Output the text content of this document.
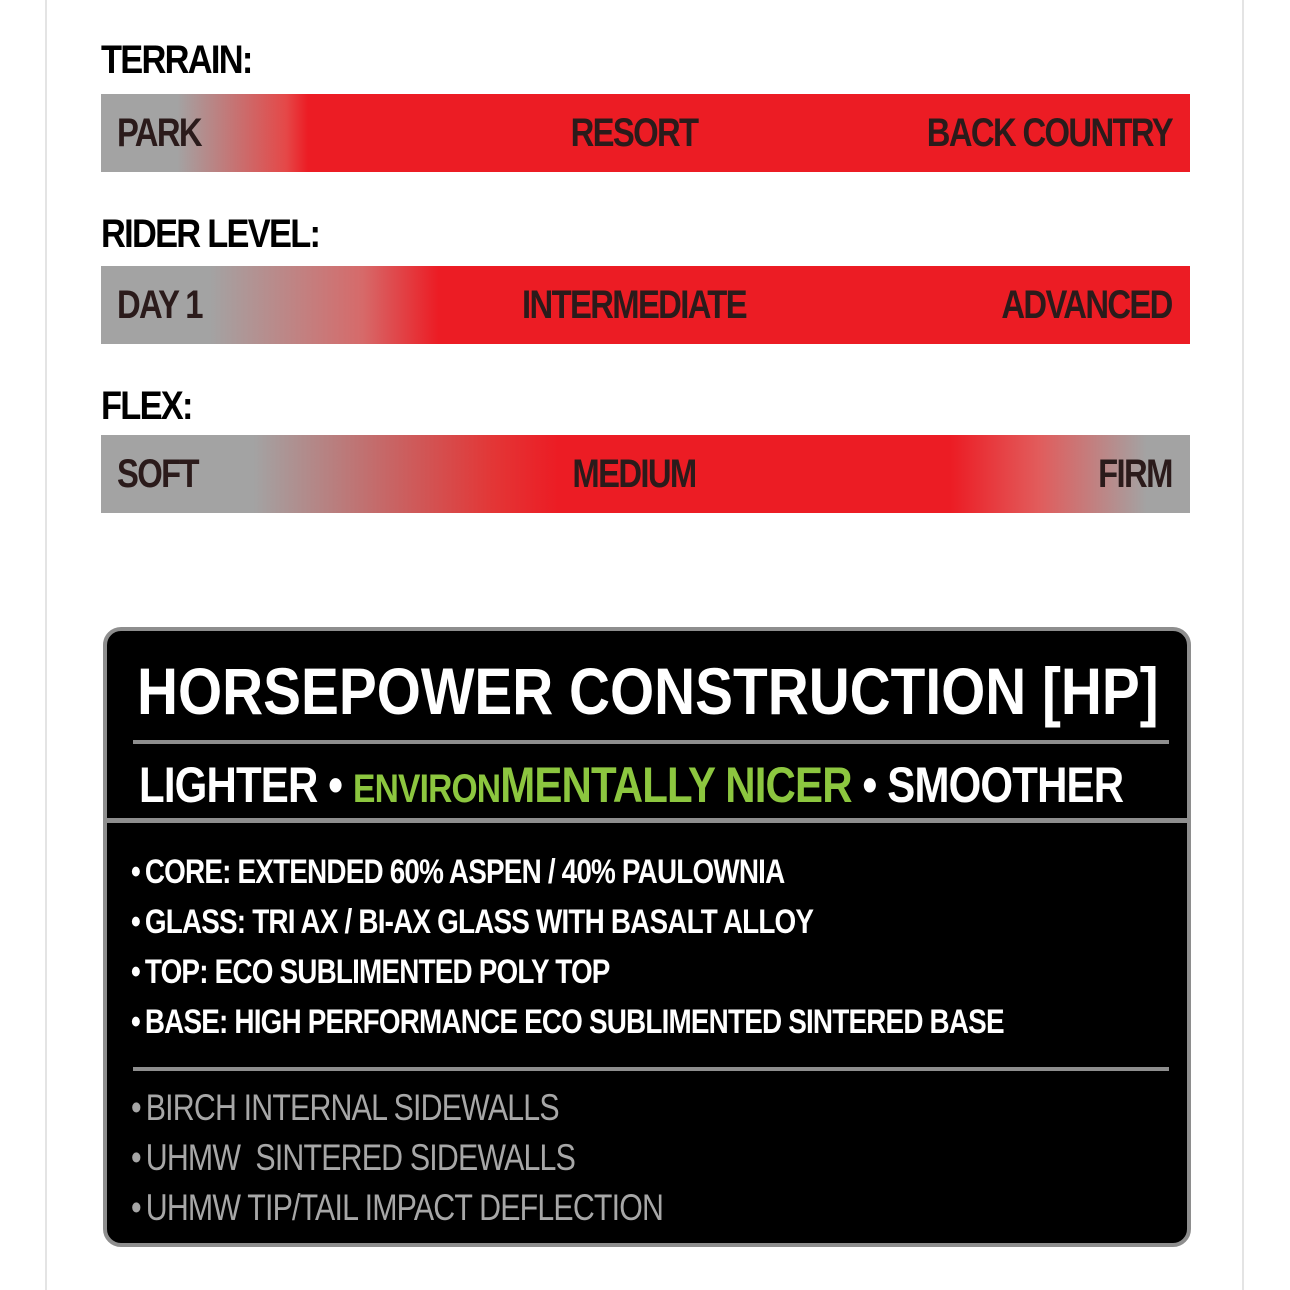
TERRAIN:
PARK	RESORT	BACK COUNTRY
RIDER LEVEL:
DAY 1	INTERMEDIATE	ADVANCED
FLEX:
SOFT	MEDIUM	FIRM
HORSEPOWER CONSTRUCTION [HP]
LIGHTER • ENVIRONMENTALLY NICER • SMOOTHER
• CORE: EXTENDED 60% ASPEN / 40% PAULOWNIA
• GLASS: TRI AX / BI-AX GLASS WITH BASALT ALLOY
• TOP: ECO SUBLIMENTED POLY TOP
• BASE: HIGH PERFORMANCE ECO SUBLIMENTED SINTERED BASE
• BIRCH INTERNAL SIDEWALLS
• UHMW  SINTERED SIDEWALLS
• UHMW TIP/TAIL IMPACT DEFLECTION
